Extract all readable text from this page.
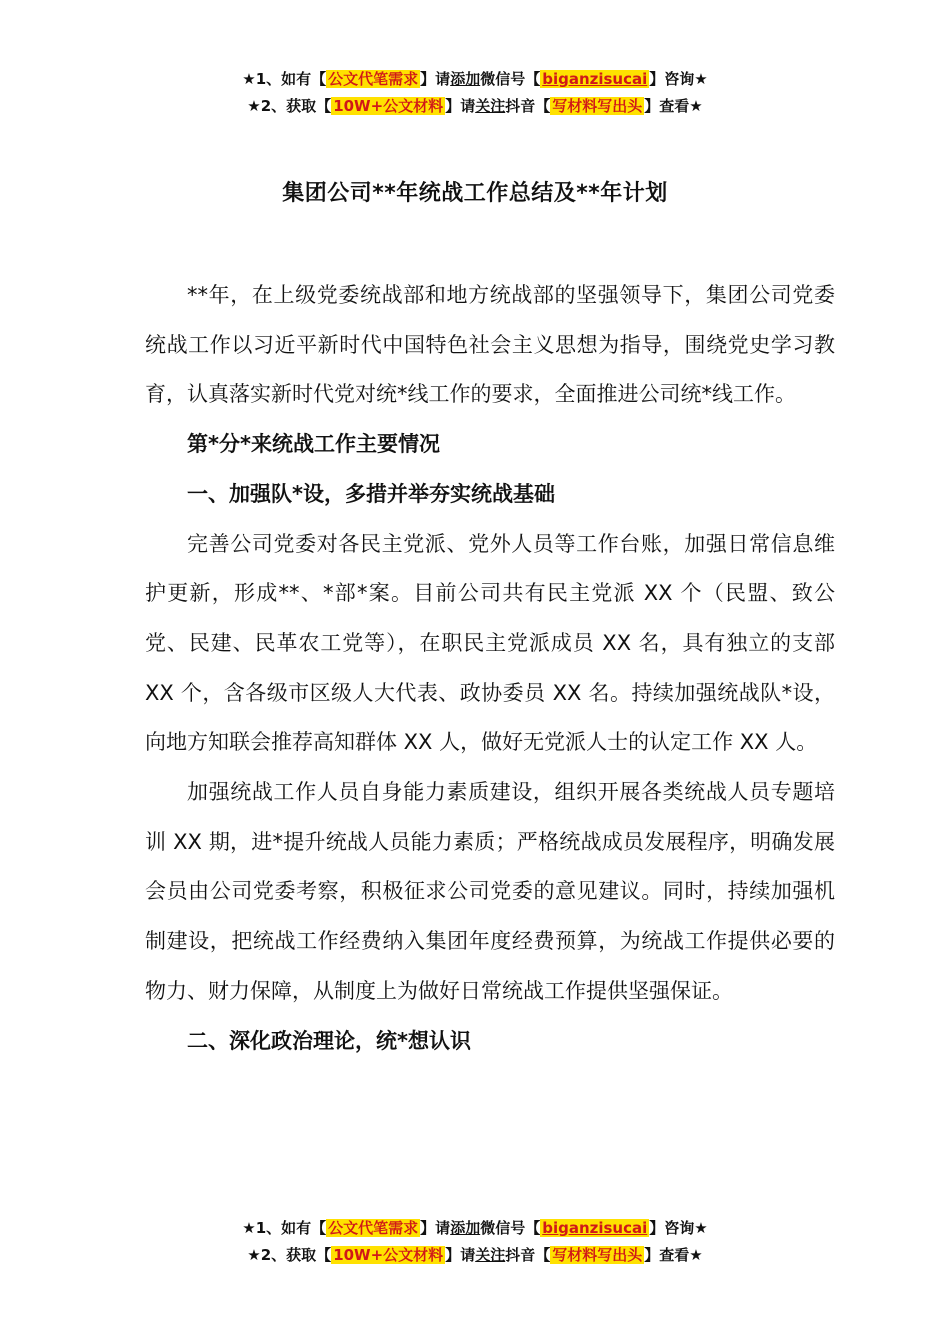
★1、如有【 公文代笔需求 】请添加微信号【 biganzisucai 】咨询★
★2、获取【 10W+公文材料 】请关注抖音【 写材料写出头 】查看★
集团公司**年统战工作总结及**年计划

**年，在上级党委统战部和地方统战部的坚强领导下，集团公司党委统战工作以习近平新时代中国特色社会主义思想为指导，围绕党史学习教育，认真落实新时代党对统*线工作的要求，全面推进公司统*线工作。

第*分*来统战工作主要情况

一、加强队*设，多措并举夯实统战基础

完善公司党委对各民主党派、党外人员等工作台账，加强日常信息维护更新，形成**、*部*案。目前公司共有民主党派 XX 个（民盟、致公党、民建、民革农工党等），在职民主党派成员 XX 名，具有独立的支部 XX 个，含各级市区级人大代表、政协委员 XX 名。持续加强统战队*设，向地方知联会推荐高知群体 XX 人，做好无党派人士的认定工作 XX 人。

加强统战工作人员自身能力素质建设，组织开展各类统战人员专题培训 XX 期，进*提升统战人员能力素质；严格统战成员发展程序，明确发展会员由公司党委考察，积极征求公司党委的意见建议。同时，持续加强机制建设，把统战工作经费纳入集团年度经费预算，为统战工作提供必要的物力、财力保障，从制度上为做好日常统战工作提供坚强保证。

二、深化政治理论，统*想认识

★1、如有【 公文代笔需求 】请添加微信号【 biganzisucai 】咨询★
★2、获取【 10W+公文材料 】请关注抖音【 写材料写出头 】查看★
